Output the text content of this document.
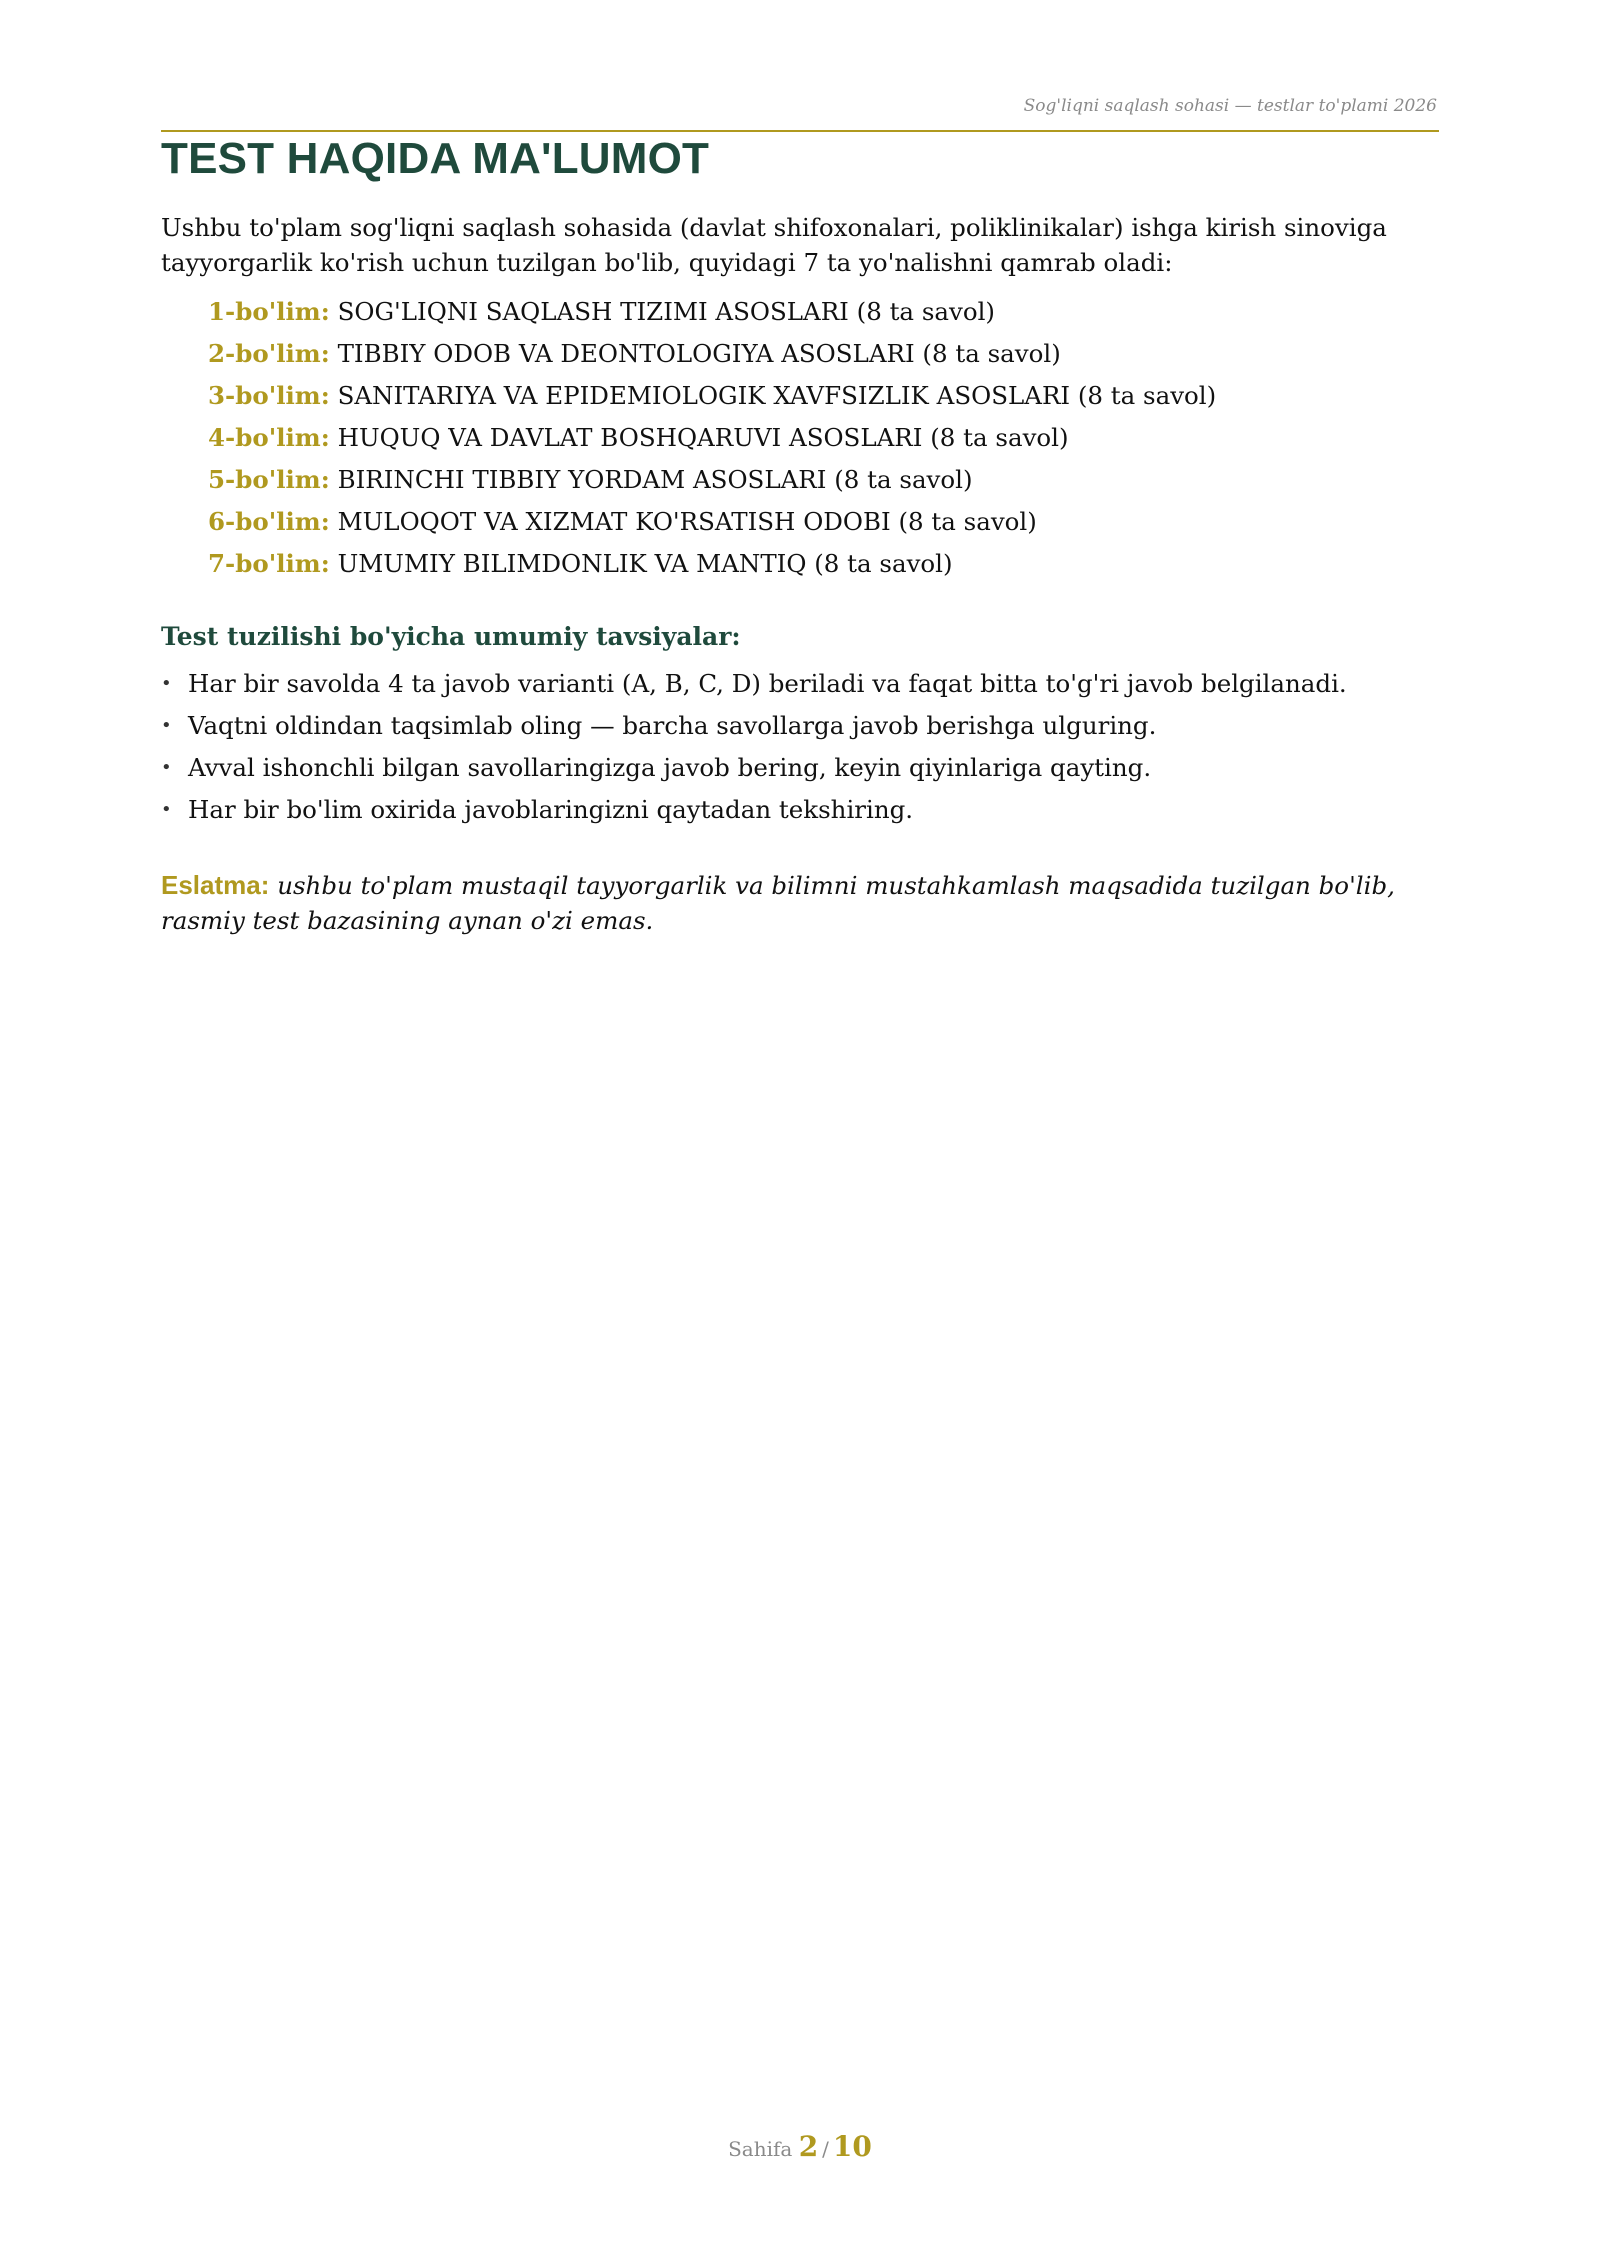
Sog'liqni saqlash sohasi — testlar to'plami 2026
TEST HAQIDA MA'LUMOT

Ushbu to'plam sog'liqni saqlash sohasida (davlat shifoxonalari, poliklinikalar) ishga kirish sinoviga tayyorgarlik ko'rish uchun tuzilgan bo'lib, quyidagi 7 ta yo'nalishni qamrab oladi:

1-bo'lim: SOG'LIQNI SAQLASH TIZIMI ASOSLARI (8 ta savol)
2-bo'lim: TIBBIY ODOB VA DEONTOLOGIYA ASOSLARI (8 ta savol)
3-bo'lim: SANITARIYA VA EPIDEMIOLOGIK XAVFSIZLIK ASOSLARI (8 ta savol)
4-bo'lim: HUQUQ VA DAVLAT BOSHQARUVI ASOSLARI (8 ta savol)
5-bo'lim: BIRINCHI TIBBIY YORDAM ASOSLARI (8 ta savol)
6-bo'lim: MULOQOT VA XIZMAT KO'RSATISH ODOBI (8 ta savol)
7-bo'lim: UMUMIY BILIMDONLIK VA MANTIQ (8 ta savol)
Test tuzilishi bo'yicha umumiy tavsiyalar:
• Har bir savolda 4 ta javob varianti (A, B, C, D) beriladi va faqat bitta to'g'ri javob belgilanadi.
• Vaqtni oldindan taqsimlab oling — barcha savollarga javob berishga ulguring.
• Avval ishonchli bilgan savollaringizga javob bering, keyin qiyinlariga qayting.
• Har bir bo'lim oxirida javoblaringizni qaytadan tekshiring.

Eslatma: ushbu to'plam mustaqil tayyorgarlik va bilimni mustahkamlash maqsadida tuzilgan bo'lib, rasmiy test bazasining aynan o'zi emas.

Sahifa 2 / 10
